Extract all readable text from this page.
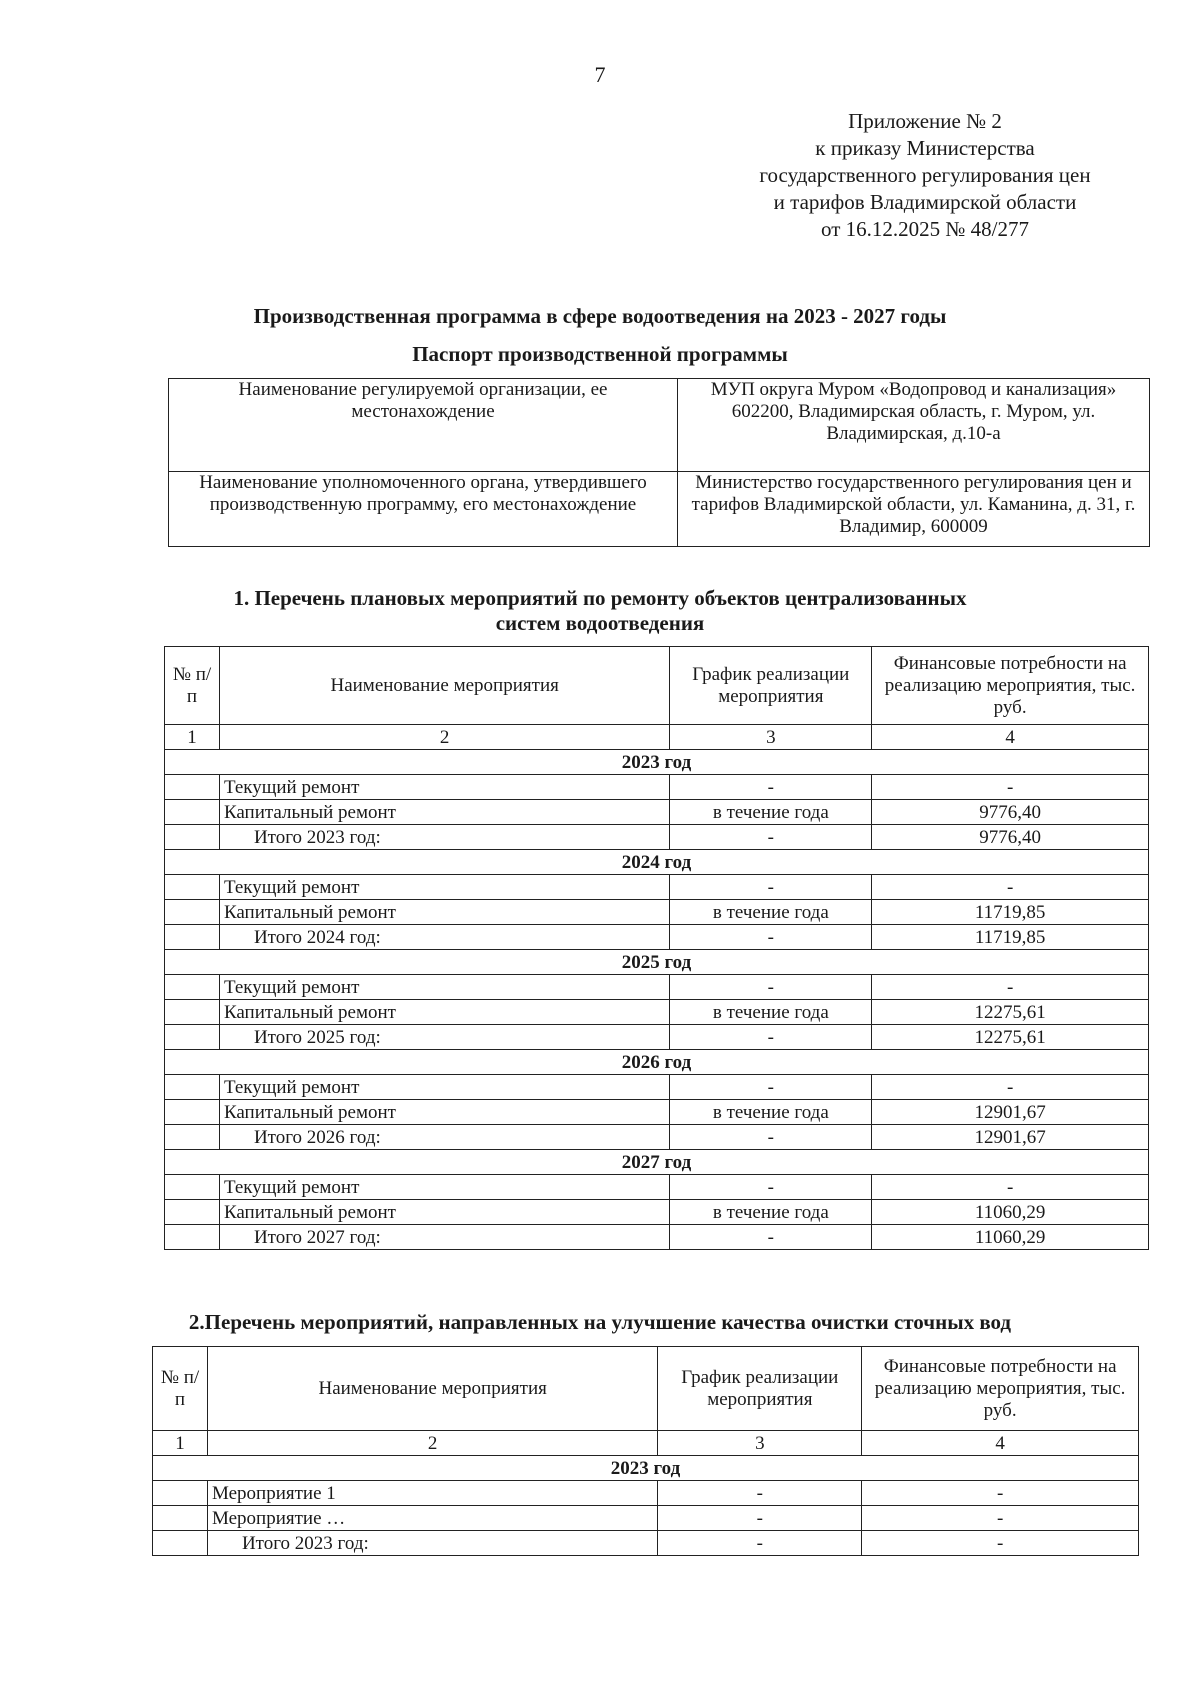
7
Приложение № 2
к приказу Министерства
государственного регулирования цен
и тарифов Владимирской области
от 16.12.2025 № 48/277
Производственная программа в сфере водоотведения на 2023 - 2027 годы
Паспорт производственной программы
Наименование регулируемой организации, ее местонахождение	МУП округа Муром «Водопровод и канализация» 602200, Владимирская область, г. Муром, ул. Владимирская, д.10-а
Наименование уполномоченного органа, утвердившего производственную программу, его местонахождение	Министерство государственного регулирования цен и тарифов Владимирской области, ул. Каманина, д. 31, г. Владимир, 600009
1. Перечень плановых мероприятий по ремонту объектов централизованных
систем водоотведения
№ п/п	Наименование мероприятия	График реализации мероприятия	Финансовые потребности на реализацию мероприятия, тыс. руб.
1	2	3	4
2023 год			
	Текущий ремонт	-	-
	Капитальный ремонт	в течение года	9776,40
	Итого 2023 год:	-	9776,40
2024 год			
	Текущий ремонт	-	-
	Капитальный ремонт	в течение года	11719,85
	Итого 2024 год:	-	11719,85
2025 год			
	Текущий ремонт	-	-
	Капитальный ремонт	в течение года	12275,61
	Итого 2025 год:	-	12275,61
2026 год			
	Текущий ремонт	-	-
	Капитальный ремонт	в течение года	12901,67
	Итого 2026 год:	-	12901,67
2027 год			
	Текущий ремонт	-	-
	Капитальный ремонт	в течение года	11060,29
	Итого 2027 год:	-	11060,29
2.Перечень мероприятий, направленных на улучшение качества очистки сточных вод
№ п/п	Наименование мероприятия	График реализации мероприятия	Финансовые потребности на реализацию мероприятия, тыс. руб.
1	2	3	4
2023 год			
	Мероприятие 1	-	-
	Мероприятие …	-	-
	Итого 2023 год:	-	-
